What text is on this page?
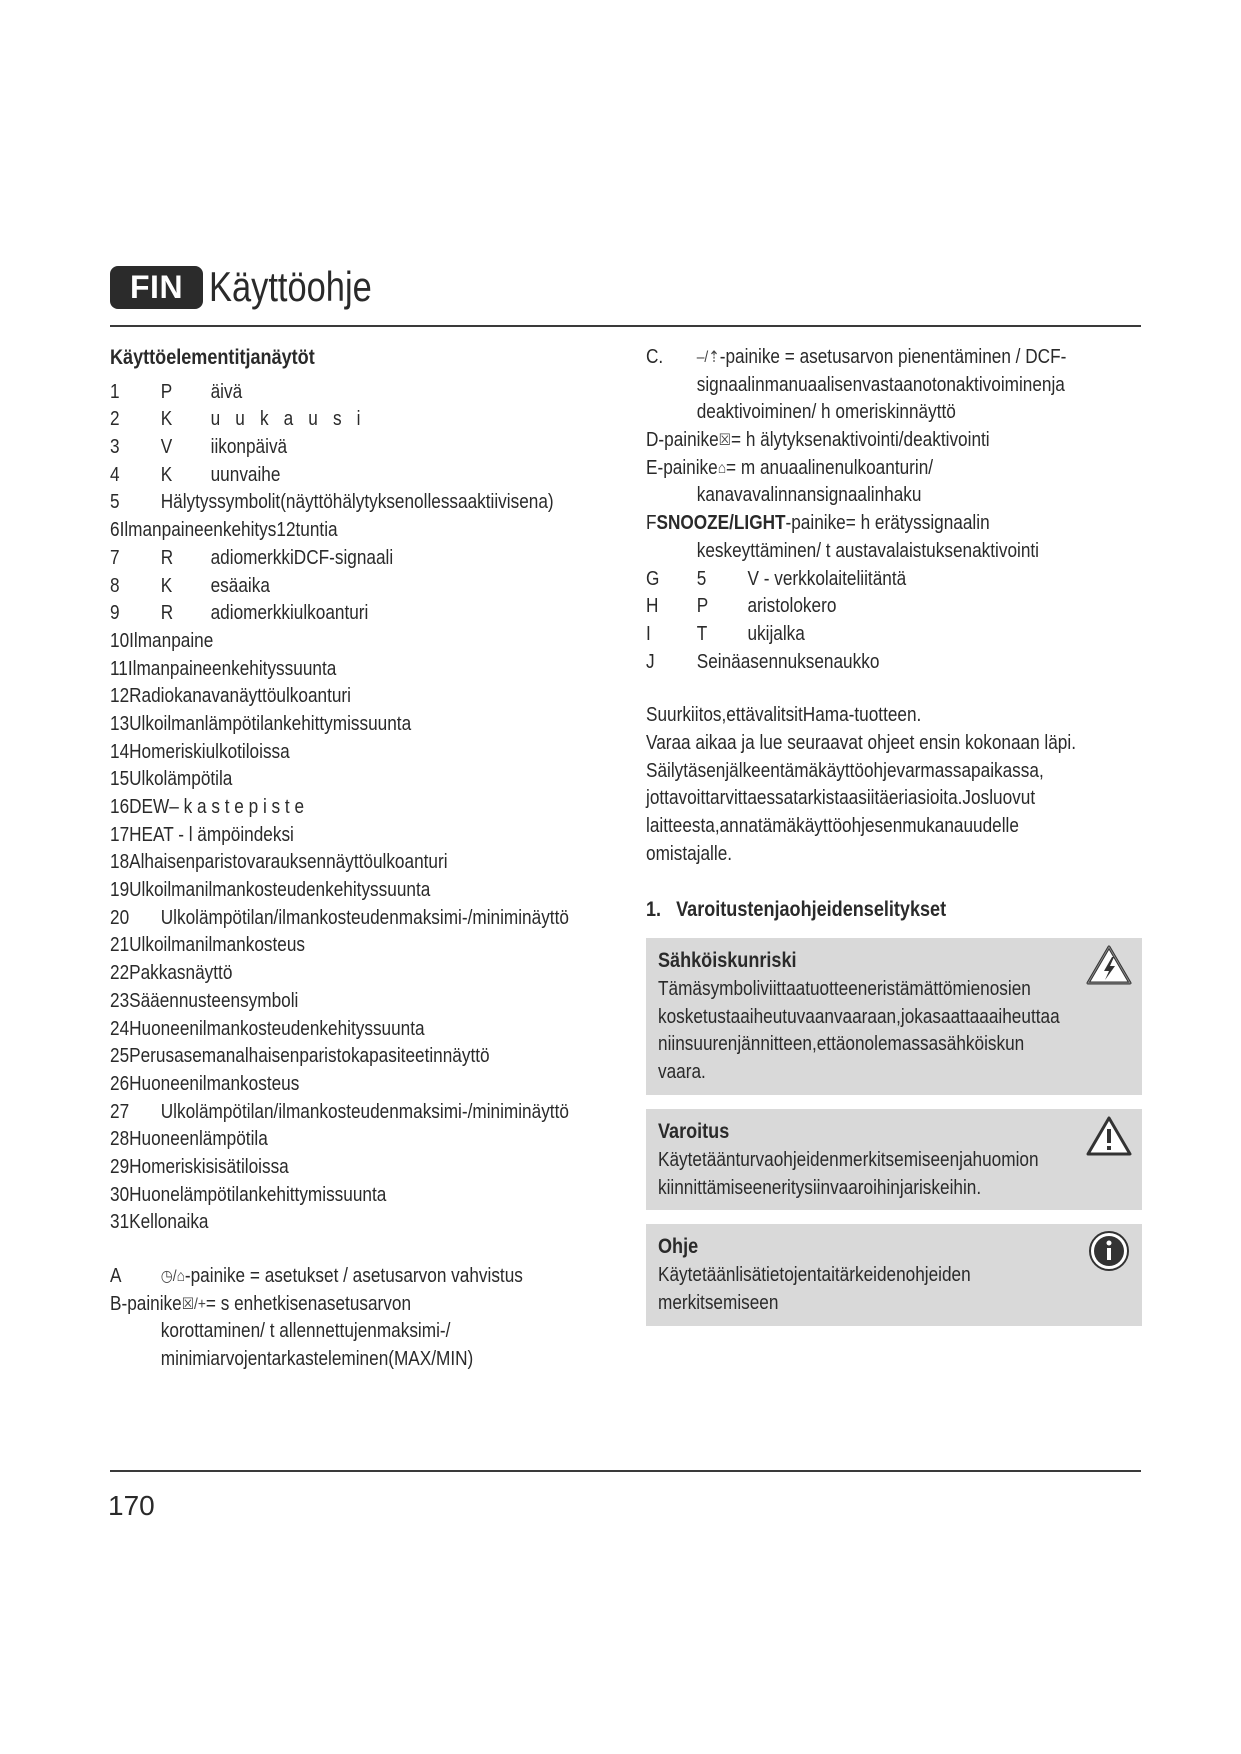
FIN Käyttöohje
Käyttöelementitjanäytöt
1	P	äivä
2	K	u u k a u s i
3	V	iikonpäivä
4	K	uunvaihe
5	Hälytyssymbolit(näyttöhälytyksenollessaaktiivisena)
6Ilmanpaineenkehitys12tuntia
7	R	adiomerkkiDCF-signaali
8	K	esäaika
9	R	adiomerkkiulkoanturi
10Ilmanpaine
11Ilmanpaineenkehityssuunta
12Radiokanavanäyttöulkoanturi
13Ulkoilmanlämpötilankehittymissuunta
14Homeriskiulkotiloissa
15Ulkolämpötila
16DEW– k a s t e p i s t e
17HEAT - l ämpöindeksi
18Alhaisenparistovarauksennäyttöulkoanturi
19Ulkoilmanilmankosteudenkehityssuunta
20	Ulkolämpötilan/ilmankosteudenmaksimi-/miniminäyttö
21Ulkoilmanilmankosteus
22Pakkasnäyttö
23Sääennusteensymboli
24Huoneenilmankosteudenkehityssuunta
25Perusasemanalhaisenparistokapasiteetinnäyttö
26Huoneenilmankosteus
27	Ulkolämpötilan/ilmankosteudenmaksimi-/miniminäyttö
28Huoneenlämpötila
29Homeriskisisätiloissa
30Huonelämpötilankehittymissuunta
31Kellonaika
A	◷/⌂ -painike = asetukset / asetusarvon vahvistus
B-painike ☒/+ = s enhetkisenasetusarvon
korottaminen/ t allennettujenmaksimi-/
minimiarvojentarkasteleminen(MAX/MIN)
C.	–/⇡ -painike = asetusarvon pienentäminen / DCF-
signaalinmanuaalisenvastaanotonaktivoiminenja
deaktivoiminen/ h omeriskinnäyttö
D-painike ☒ = h älytyksenaktivointi/deaktivointi
E-painike ⌂ = m anuaalinenulkoanturin/
kanavavalinnansignaalinhaku
F SNOOZE/LIGHT -painike= h erätyssignaalin
keskeyttäminen/ t austavalaistuksenaktivointi
G	5	V - verkkolaiteliitäntä
H	P	aristolokero
I	T	ukijalka
J	Seinäasennuksenaukko
Suurkiitos,ettävalitsitHama-tuotteen.
Varaa aikaa ja lue seuraavat ohjeet ensin kokonaan läpi.
Säilytäsenjälkeentämäkäyttöohjevarmassapaikassa,
jottavoittarvittaessatarkistaasiitäeriasioita.Josluovut
laitteesta,annatämäkäyttöohjesenmukanauudelle
omistajalle.
1. Varoitustenjaohjeidenselitykset
Sähköiskunriski
Tämäsymboliviittaatuotteeneristämättömienosien
kosketustaaiheutuvaanvaaraan,jokasaattaaaiheuttaa
niinsuurenjännitteen,ettäonolemassasähköiskun
vaara.
Varoitus
Käytetäänturvaohjeidenmerkitsemiseenjahuomion
kiinnittämiseeneritysiinvaaroihinjariskeihin.
Ohje
Käytetäänlisätietojentaitärkeidenohjeiden
merkitsemiseen
170
